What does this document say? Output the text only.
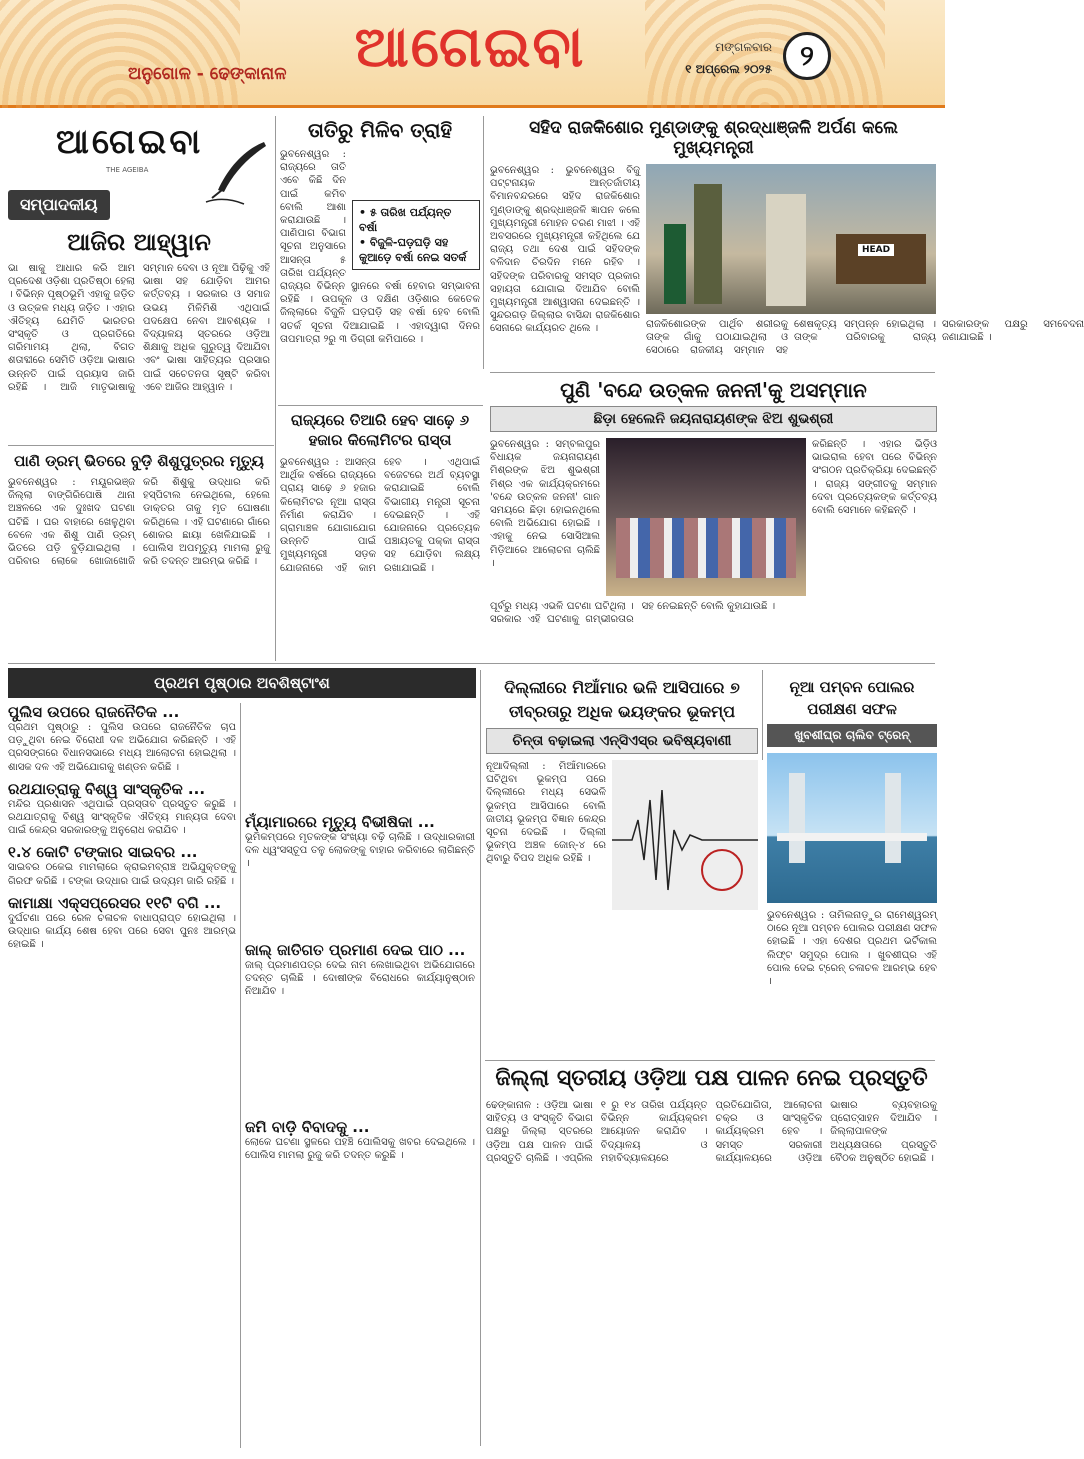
ଆଗେଇବା
ଅନୁଗୋଳ - ଢେଙ୍କାନାଳ
ମଙ୍ଗଳବାର
୧ ଅପ୍ରେଲ ୨୦୨୫	୨
ଆଗେଇବା
THE AGEIBA
ସମ୍ପାଦକୀୟ
ଆଜିର ଆହ୍ୱାନ
ଭା ଷାକୁ ଆଧାର କରି ଆମ ପ୍ରଦେଶ ଓଡ଼ିଶା ପ୍ରତିଷ୍ଠା ହେଲା । ବିଭିନ୍ନ ପୃଷ୍ଠଭୂମି ଏହାକୁ ଜଡ଼ିତ ଓ ଉତ୍କଳ ମଧ୍ୟ ଜଡ଼ିତ । ଏହାର ଐତିହ୍ୟ ଯେମିତି ଭାରତର ସଂସ୍କୃତି ଓ ପ୍ରଗତିରେ ଗରିମାମୟ ଥିଲା, ବିଗତ ଶତାବ୍ଦୀରେ ସେମିତି ଓଡ଼ିଆ ଭାଷାର ଉନ୍ନତି ପାଇଁ ପ୍ରୟାସ ଜାରି ରହିଛି । ଆଜି ମାତୃଭାଷାକୁ ସମ୍ମାନ ଦେବା ଓ ନୂଆ ପିଢ଼ିକୁ ଏହି ଭାଷା ସହ ଯୋଡ଼ିବା ଆମର କର୍ତ୍ତବ୍ୟ । ସରକାର ଓ ସମାଜ ଉଭୟ ମିଳିମିଶି ଏଥିପାଇଁ ପଦକ୍ଷେପ ନେବା ଆବଶ୍ୟକ । ବିଦ୍ୟାଳୟ ସ୍ତରରେ ଓଡ଼ିଆ ଶିକ୍ଷାକୁ ଅଧିକ ଗୁରୁତ୍ୱ ଦିଆଯିବା ଏବଂ ଭାଷା ସାହିତ୍ୟର ପ୍ରସାର ପାଇଁ ସଚେତନତା ସୃଷ୍ଟି କରିବା ଏବେ ଆଜିର ଆହ୍ୱାନ ।
ପାଣି ଡ୍ରମ୍ ଭିତରେ ବୁଡ଼ି ଶିଶୁପୁତ୍ରର ମୃତ୍ୟୁ
ଭୁବନେଶ୍ୱର : ମୟୂରଭଞ୍ଜ ଜିଲ୍ଲା ବାଙ୍ଗିରିପୋଷି ଥାନା ଅଞ୍ଚଳରେ ଏକ ଦୁଃଖଦ ଘଟଣା ଘଟିଛି । ଘର ବାହାରେ ଖେଳୁଥିବା ବେଳେ ଏକ ଶିଶୁ ପାଣି ଡ୍ରମ୍ ଭିତରେ ପଡ଼ି ବୁଡ଼ିଯାଇଥିଲା । ପରିବାର ଲୋକେ ଖୋଜାଖୋଜି କରି ଶିଶୁକୁ ଉଦ୍ଧାର କରି ହସ୍ପିଟାଲ ନେଇଥିଲେ, ହେଲେ ଡାକ୍ତର ତାକୁ ମୃତ ଘୋଷଣା କରିଥିଲେ । ଏହି ଘଟଣାରେ ଗାଁରେ ଶୋକର ଛାୟା ଖେଳିଯାଇଛି । ପୋଲିସ ଅପମୃତ୍ୟୁ ମାମଲା ରୁଜୁ କରି ତଦନ୍ତ ଆରମ୍ଭ କରିଛି ।
ତାତିରୁ ମିଳିବ ତ୍ରାହି
• ୫ ତାରିଖ ପର୍ଯ୍ୟନ୍ତ ବର୍ଷା
• ବିଜୁଳି-ଘଡ଼ଘଡ଼ି ସହ କୁଆଡ଼େ ବର୍ଷା ନେଇ ସତର୍କ
ଭୁବନେଶ୍ୱର : ରାଜ୍ୟରେ ତାତି ଏବେ କିଛି ଦିନ ପାଇଁ କମିବ ବୋଲି ଆଶା କରାଯାଉଛି । ପାଣିପାଗ ବିଭାଗ ସୂଚନା ଅନୁସାରେ ଆସନ୍ତା ୫ ତାରିଖ ପର୍ଯ୍ୟନ୍ତ ରାଜ୍ୟର ବିଭିନ୍ନ ସ୍ଥାନରେ ବର୍ଷା ହେବାର ସମ୍ଭାବନା ରହିଛି । ଉପକୂଳ ଓ ଦକ୍ଷିଣ ଓଡ଼ିଶାର କେତେକ ଜିଲ୍ଲାରେ ବିଜୁଳି ଘଡ଼ଘଡ଼ି ସହ ବର୍ଷା ହେବ ବୋଲି ସତର୍କ ସୂଚନା ଦିଆଯାଇଛି । ଏହାଦ୍ୱାରା ଦିନର ତାପମାତ୍ରା ୨ରୁ ୩ ଡିଗ୍ରୀ କମିପାରେ ।
ରାଜ୍ୟରେ ତିଆରି ହେବ ସାଢ଼େ ୬ ହଜାର କିଲୋମିଟର ରାସ୍ତା
ଭୁବନେଶ୍ୱର : ଆସନ୍ତା ଆର୍ଥିକ ବର୍ଷରେ ରାଜ୍ୟରେ ପ୍ରାୟ ସାଢ଼େ ୬ ହଜାର କିଲୋମିଟର ନୂଆ ରାସ୍ତା ନିର୍ମାଣ କରାଯିବ । ଗ୍ରାମାଞ୍ଚଳ ଯୋଗାଯୋଗ ଉନ୍ନତି ପାଇଁ ମୁଖ୍ୟମନ୍ତ୍ରୀ ସଡ଼କ ଯୋଜନାରେ ଏହି କାମ ହେବ । ଏଥିପାଇଁ ବଜେଟରେ ଅର୍ଥ ବ୍ୟବସ୍ଥା କରାଯାଇଛି ବୋଲି ବିଭାଗୀୟ ମନ୍ତ୍ରୀ ସୂଚନା ଦେଇଛନ୍ତି । ଏହି ଯୋଜନାରେ ପ୍ରତ୍ୟେକ ପଞ୍ଚାୟତକୁ ପକ୍କା ରାସ୍ତା ସହ ଯୋଡ଼ିବା ଲକ୍ଷ୍ୟ ରଖାଯାଇଛି ।
ସହିଦ ରାଜକିଶୋର ମୁଣ୍ଡାଙ୍କୁ ଶ୍ରଦ୍ଧାଞ୍ଜଳି ଅର୍ପଣ କଲେ ମୁଖ୍ୟମନ୍ତ୍ରୀ
ଭୁବନେଶ୍ୱର : ଭୁବନେଶ୍ୱର ବିଜୁ ପଟ୍ଟନାୟକ ଆନ୍ତର୍ଜାତୀୟ ବିମାନବନ୍ଦରରେ ସହିଦ ରାଜକିଶୋର ମୁଣ୍ଡାଙ୍କୁ ଶ୍ରଦ୍ଧାଞ୍ଜଳି ଜ୍ଞାପନ କଲେ ମୁଖ୍ୟମନ୍ତ୍ରୀ ମୋହନ ଚରଣ ମାଝୀ । ଏହି ଅବସରରେ ମୁଖ୍ୟମନ୍ତ୍ରୀ କହିଥିଲେ ଯେ ରାଜ୍ୟ ତଥା ଦେଶ ପାଇଁ ସହିଦଙ୍କ ବଳିଦାନ ଚିରଦିନ ମନେ ରହିବ । ସହିଦଙ୍କ ପରିବାରକୁ ସମସ୍ତ ପ୍ରକାର ସହାୟତା ଯୋଗାଇ ଦିଆଯିବ ବୋଲି ମୁଖ୍ୟମନ୍ତ୍ରୀ ଆଶ୍ୱାସନା ଦେଇଛନ୍ତି । ସୁନ୍ଦରଗଡ଼ ଜିଲ୍ଲାର ବାସିନ୍ଦା ରାଜକିଶୋର ସେନାରେ କାର୍ଯ୍ୟରତ ଥିଲେ ।
HEAD
ରାଜକିଶୋରଙ୍କ ପାର୍ଥିବ ଶରୀରକୁ ତାଙ୍କ ଗାଁକୁ ପଠାଯାଇଥିଲା ଓ ସେଠାରେ ରାଜକୀୟ ସମ୍ମାନ ସହ ଶେଷକୃତ୍ୟ ସମ୍ପନ୍ନ ହୋଇଥିଲା । ତାଙ୍କ ପରିବାରକୁ ରାଜ୍ୟ ସରକାରଙ୍କ ପକ୍ଷରୁ ସମବେଦନା ଜଣାଯାଇଛି ।
ପୁଣି 'ବନ୍ଦେ ଉତ୍କଳ ଜନନୀ'କୁ ଅସମ୍ମାନ
ଛିଡ଼ା ହେଲେନି ଜୟନାରାୟଣଙ୍କ ଝିଅ ଶୁଭଶ୍ରୀ
ଭୁବନେଶ୍ୱର : ସମ୍ବଲପୁର ବିଧାୟକ ଜୟନାରାୟଣ ମିଶ୍ରଙ୍କ ଝିଅ ଶୁଭଶ୍ରୀ ମିଶ୍ର ଏକ କାର୍ଯ୍ୟକ୍ରମରେ 'ବନ୍ଦେ ଉତ୍କଳ ଜନନୀ' ଗାନ ସମୟରେ ଛିଡ଼ା ହୋଇନଥିଲେ ବୋଲି ଅଭିଯୋଗ ହୋଇଛି । ଏହାକୁ ନେଇ ସୋସିଆଲ ମିଡ଼ିଆରେ ଆଲୋଚନା ଚାଲିଛି ।
କରିଛନ୍ତି । ଏହାର ଭିଡ଼ିଓ ଭାଇରାଲ ହେବା ପରେ ବିଭିନ୍ନ ସଂଗଠନ ପ୍ରତିକ୍ରିୟା ଦେଇଛନ୍ତି । ରାଜ୍ୟ ସଙ୍ଗୀତକୁ ସମ୍ମାନ ଦେବା ପ୍ରତ୍ୟେକଙ୍କ କର୍ତ୍ତବ୍ୟ ବୋଲି ସେମାନେ କହିଛନ୍ତି ।
ପୂର୍ବରୁ ମଧ୍ୟ ଏଭଳି ଘଟଣା ଘଟିଥିଲା । ସରକାର ଏହି ଘଟଣାକୁ ଗମ୍ଭୀରତାର ସହ ନେଇଛନ୍ତି ବୋଲି କୁହାଯାଉଛି ।
ପ୍ରଥମ ପୃଷ୍ଠାର ଅବଶିଷ୍ଟାଂଶ
ପୁଲିସ ଉପରେ ରାଜନୈତିକ ...
ପ୍ରଥମ ପୃଷ୍ଠାରୁ : ପୁଲିସ ଉପରେ ରାଜନୈତିକ ଚାପ ପଡ଼ୁଥିବା ନେଇ ବିରୋଧୀ ଦଳ ଅଭିଯୋଗ କରିଛନ୍ତି । ଏହି ପ୍ରସଙ୍ଗରେ ବିଧାନସଭାରେ ମଧ୍ୟ ଆଲୋଚନା ହୋଇଥିଲା । ଶାସକ ଦଳ ଏହି ଅଭିଯୋଗକୁ ଖଣ୍ଡନ କରିଛି ।
ରଥଯାତ୍ରାକୁ ବିଶ୍ୱ ସାଂସ୍କୃତିକ ...
ମନ୍ଦିର ପ୍ରଶାସନ ଏଥିପାଇଁ ପ୍ରସ୍ତାବ ପ୍ରସ୍ତୁତ କରୁଛି । ରଥଯାତ୍ରାକୁ ବିଶ୍ୱ ସାଂସ୍କୃତିକ ଐତିହ୍ୟ ମାନ୍ୟତା ଦେବା ପାଇଁ କେନ୍ଦ୍ର ସରକାରଙ୍କୁ ଅନୁରୋଧ କରାଯିବ ।
୧.୪ କୋଟି ଟଙ୍କାର ସାଇବର ...
ସାଇବର ଠକେଇ ମାମଲାରେ କ୍ରାଇମବ୍ରାଞ୍ଚ ଅଭିଯୁକ୍ତଙ୍କୁ ଗିରଫ କରିଛି । ଟଙ୍କା ଉଦ୍ଧାର ପାଇଁ ଉଦ୍ୟମ ଜାରି ରହିଛି ।
କାମାକ୍ଷା ଏକ୍ସପ୍ରେସର ୧୧ଟି ବଗି ...
ଦୁର୍ଘଟଣା ପରେ ରେଳ ଚଳାଚଳ ବାଧାପ୍ରାପ୍ତ ହୋଇଥିଲା । ଉଦ୍ଧାର କାର୍ଯ୍ୟ ଶେଷ ହେବା ପରେ ସେବା ପୁନଃ ଆରମ୍ଭ ହୋଇଛି ।
ମ୍ୟାଁମାରରେ ମୃତ୍ୟୁ ବିଭୀଷିକା ...
ଭୂମିକମ୍ପରେ ମୃତକଙ୍କ ସଂଖ୍ୟା ବଢ଼ି ଚାଲିଛି । ଉଦ୍ଧାରକାରୀ ଦଳ ଧ୍ୱଂସସ୍ତୂପ ତଳୁ ଲୋକଙ୍କୁ ବାହାର କରିବାରେ ଲାଗିଛନ୍ତି ।
ଜାଲ୍ ଜାତିଗତ ପ୍ରମାଣ ଦେଇ ପାଠ ...
ଜାଲ୍ ପ୍ରମାଣପତ୍ର ଦେଇ ନାମ ଲେଖାଇଥିବା ଅଭିଯୋଗରେ ତଦନ୍ତ ଚାଲିଛି । ଦୋଷୀଙ୍କ ବିରୋଧରେ କାର୍ଯ୍ୟାନୁଷ୍ଠାନ ନିଆଯିବ ।
ଜମି ବାଡ଼ି ବିବାଦକୁ ...
ଲୋକେ ଘଟଣା ସ୍ଥଳରେ ପହଞ୍ଚି ପୋଲିସକୁ ଖବର ଦେଇଥିଲେ । ପୋଲିସ ମାମଲା ରୁଜୁ କରି ତଦନ୍ତ କରୁଛି ।
ଦିଲ୍ଲୀରେ ମିଆଁମାର ଭଳି ଆସିପାରେ ୭ ତୀବ୍ରତାରୁ ଅଧିକ ଭୟଙ୍କର ଭୂକମ୍ପ
ଚିନ୍ତା ବଢ଼ାଇଲା ଏନ୍‌ସିଏସ୍‌ର ଭବିଷ୍ୟବାଣୀ
ନୂଆଦିଲ୍ଲୀ : ମିଆଁମାରରେ ଘଟିଥିବା ଭୂକମ୍ପ ପରେ ଦିଲ୍ଲୀରେ ମଧ୍ୟ ସେଭଳି ଭୂକମ୍ପ ଆସିପାରେ ବୋଲି ଜାତୀୟ ଭୂକମ୍ପ ବିଜ୍ଞାନ କେନ୍ଦ୍ର ସୂଚନା ଦେଇଛି । ଦିଲ୍ଲୀ ଭୂକମ୍ପ ଅଞ୍ଚଳ ଜୋନ୍-୪ ରେ ଥିବାରୁ ବିପଦ ଅଧିକ ରହିଛି ।
ନୂଆ ପମ୍ବନ ପୋଲର ପରୀକ୍ଷଣ ସଫଳ
ଖୁବଶୀଘ୍ର ଚାଲିବ ଟ୍ରେନ୍
ଭୁବନେଶ୍ୱର : ତାମିଲନାଡ଼ୁର ରାମେଶ୍ୱରମ୍ ଠାରେ ନୂଆ ପମ୍ବନ ପୋଲର ପରୀକ୍ଷଣ ସଫଳ ହୋଇଛି । ଏହା ଦେଶର ପ୍ରଥମ ଭର୍ଟିକାଲ ଲିଫ୍ଟ ସମୁଦ୍ର ପୋଲ । ଖୁବଶୀଘ୍ର ଏହି ପୋଲ ଦେଇ ଟ୍ରେନ୍ ଚଳାଚଳ ଆରମ୍ଭ ହେବ ।
ଜିଲ୍ଲା ସ୍ତରୀୟ ଓଡ଼ିଆ ପକ୍ଷ ପାଳନ ନେଇ ପ୍ରସ୍ତୁତି
ଢେଙ୍କାନାଳ : ଓଡ଼ିଆ ଭାଷା ସାହିତ୍ୟ ଓ ସଂସ୍କୃତି ବିଭାଗ ପକ୍ଷରୁ ଜିଲ୍ଲା ସ୍ତରରେ ଓଡ଼ିଆ ପକ୍ଷ ପାଳନ ପାଇଁ ପ୍ରସ୍ତୁତି ଚାଲିଛି । ଏପ୍ରିଲ ୧ ରୁ ୧୪ ତାରିଖ ପର୍ଯ୍ୟନ୍ତ ବିଭିନ୍ନ କାର୍ଯ୍ୟକ୍ରମ ଆୟୋଜନ କରାଯିବ । ବିଦ୍ୟାଳୟ ଓ ମହାବିଦ୍ୟାଳୟରେ ପ୍ରତିଯୋଗିତା, ଆଲୋଚନା ଚକ୍ର ଓ ସାଂସ୍କୃତିକ କାର୍ଯ୍ୟକ୍ରମ ହେବ । ସମସ୍ତ ସରକାରୀ କାର୍ଯ୍ୟାଳୟରେ ଓଡ଼ିଆ ଭାଷାର ବ୍ୟବହାରକୁ ପ୍ରୋତ୍ସାହନ ଦିଆଯିବ । ଜିଲ୍ଲାପାଳଙ୍କ ଅଧ୍ୟକ୍ଷତାରେ ପ୍ରସ୍ତୁତି ବୈଠକ ଅନୁଷ୍ଠିତ ହୋଇଛି ।
